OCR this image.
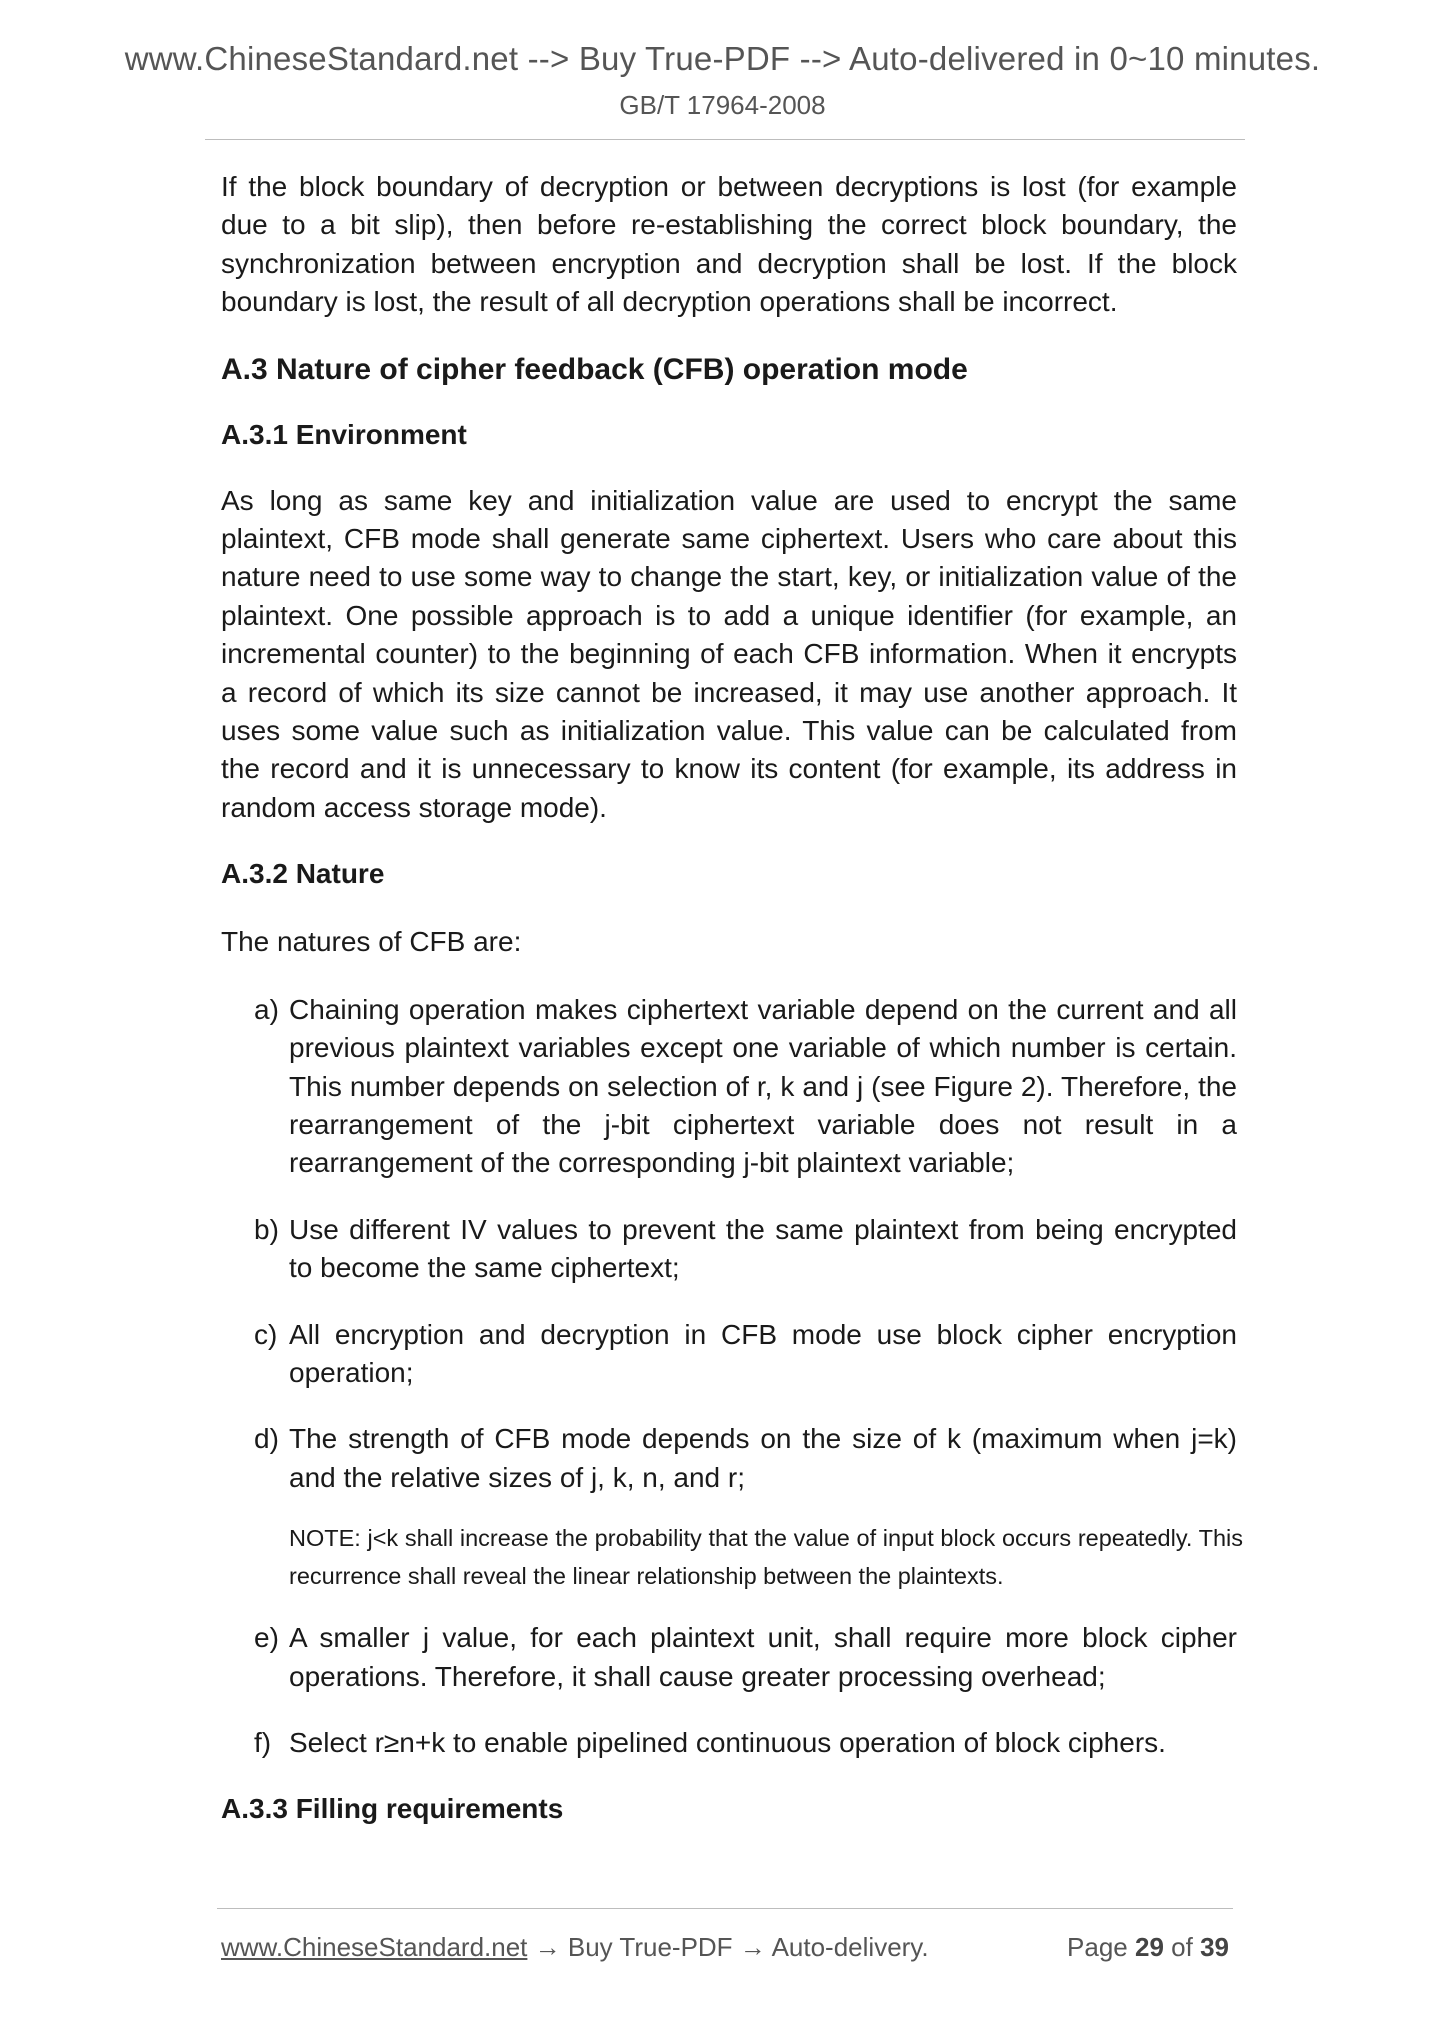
www.ChineseStandard.net --> Buy True-PDF --> Auto-delivered in 0~10 minutes.
GB/T 17964-2008

If the block boundary of decryption or between decryptions is lost (for example due to a bit slip), then before re-establishing the correct block boundary, the synchronization between encryption and decryption shall be lost. If the block boundary is lost, the result of all decryption operations shall be incorrect.

A.3 Nature of cipher feedback (CFB) operation mode
A.3.1 Environment

As long as same key and initialization value are used to encrypt the same plaintext, CFB mode shall generate same ciphertext. Users who care about this nature need to use some way to change the start, key, or initialization value of the plaintext. One possible approach is to add a unique identifier (for example, an incremental counter) to the beginning of each CFB information. When it encrypts a record of which its size cannot be increased, it may use another approach. It uses some value such as initialization value. This value can be calculated from the record and it is unnecessary to know its content (for example, its address in random access storage mode).

A.3.2 Nature

The natures of CFB are:

a) Chaining operation makes ciphertext variable depend on the current and all previous plaintext variables except one variable of which number is certain. This number depends on selection of r, k and j (see Figure 2). Therefore, the rearrangement of the j-bit ciphertext variable does not result in a rearrangement of the corresponding j-bit plaintext variable;
b) Use different IV values to prevent the same plaintext from being encrypted to become the same ciphertext;
c) All encryption and decryption in CFB mode use block cipher encryption operation;
d) The strength of CFB mode depends on the size of k (maximum when j=k) and the relative sizes of j, k, n, and r;
NOTE: j<k shall increase the probability that the value of input block occurs repeatedly. This recurrence shall reveal the linear relationship between the plaintexts.
e) A smaller j value, for each plaintext unit, shall require more block cipher operations. Therefore, it shall cause greater processing overhead;
f) Select r≥n+k to enable pipelined continuous operation of block ciphers.
A.3.3 Filling requirements
www.ChineseStandard.net → Buy True-PDF → Auto-delivery.	Page 29 of 39
